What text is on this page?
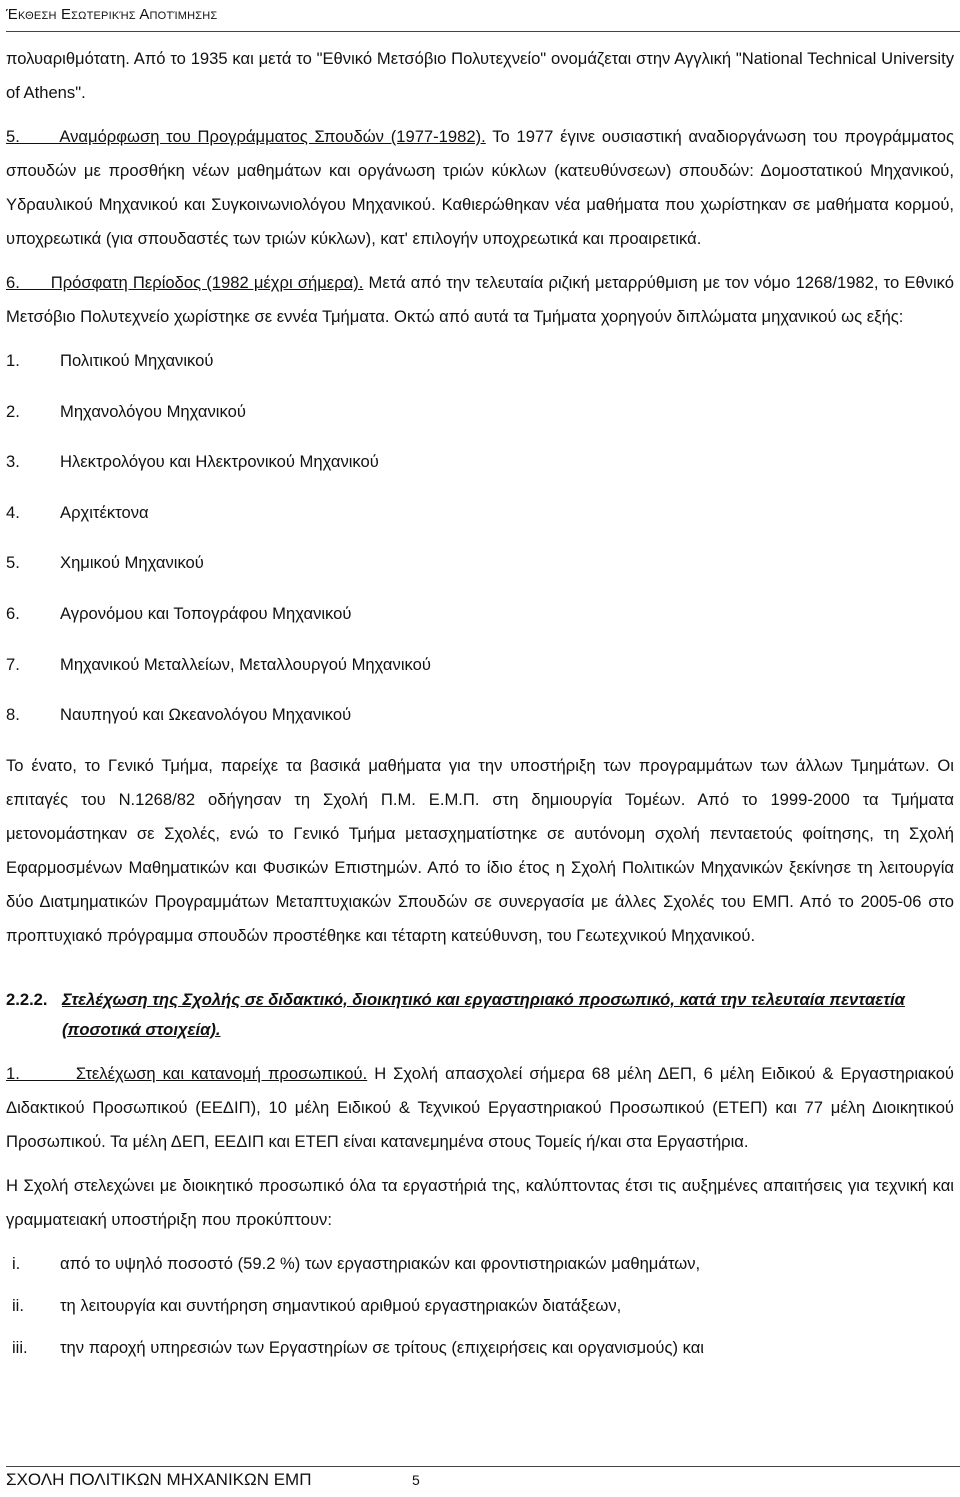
Έκθεση Εσωτερικής Αποτίμησης

πολυαριθμότατη. Από το 1935 και μετά το "Εθνικό Μετσόβιο Πολυτεχνείο" ονομάζεται στην Αγγλική "National Technical University of Athens".

5.      Αναμόρφωση του Προγράμματος Σπουδών (1977-1982). Το 1977 έγινε ουσιαστική αναδιοργάνωση του προγράμματος σπουδών με προσθήκη νέων μαθημάτων και οργάνωση τριών κύκλων (κατευθύνσεων) σπουδών: Δομοστατικού Μηχανικού, Υδραυλικού Μηχανικού και Συγκοινωνιολόγου Μηχανικού. Καθιερώθηκαν νέα μαθήματα που χωρίστηκαν σε μαθήματα κορμού, υποχρεωτικά (για σπουδαστές των τριών κύκλων), κατ' επιλογήν υποχρεωτικά και προαιρετικά.

6.      Πρόσφατη Περίοδος (1982 μέχρι σήμερα). Μετά από την τελευταία ριζική μεταρρύθμιση με τον νόμο 1268/1982, το Εθνικό Μετσόβιο Πολυτεχνείο χωρίστηκε σε εννέα Τμήματα. Οκτώ από αυτά τα Τμήματα χορηγούν διπλώματα μηχανικού ως εξής:

1.	Πολιτικού Μηχανικού
2.	Μηχανολόγου Μηχανικού
3.	Ηλεκτρολόγου και Ηλεκτρονικού Μηχανικού
4.	Αρχιτέκτονα
5.	Χημικού Μηχανικού
6.	Αγρονόμου και Τοπογράφου Μηχανικού
7.	Μηχανικού Μεταλλείων, Μεταλλουργού Μηχανικού
8.	Ναυπηγού και Ωκεανολόγου Μηχανικού

Το ένατο, το Γενικό Τμήμα, παρείχε τα βασικά μαθήματα για την υποστήριξη των προγραμμάτων των άλλων Τμημάτων. Οι επιταγές του Ν.1268/82 οδήγησαν τη Σχολή Π.Μ. Ε.Μ.Π. στη δημιουργία Τομέων. Από το 1999-2000 τα Τμήματα μετονομάστηκαν σε Σχολές, ενώ το Γενικό Τμήμα μετασχηματίστηκε σε αυτόνομη σχολή πενταετούς φοίτησης, τη Σχολή Εφαρμοσμένων Μαθηματικών και Φυσικών Επιστημών. Από το ίδιο έτος η Σχολή Πολιτικών Μηχανικών ξεκίνησε τη λειτουργία δύο Διατμηματικών Προγραμμάτων Μεταπτυχιακών Σπουδών σε συνεργασία με άλλες Σχολές του ΕΜΠ. Από το 2005-06 στο προπτυχιακό πρόγραμμα σπουδών προστέθηκε και τέταρτη κατεύθυνση, του Γεωτεχνικού Μηχανικού.

2.2.2. Στελέχωση της Σχολής σε διδακτικό, διοικητικό και εργαστηριακό προσωπικό, κατά την τελευταία πενταετία (ποσοτικά στοιχεία).

1.        Στελέχωση και κατανομή προσωπικού. Η Σχολή απασχολεί σήμερα 68 μέλη ΔΕΠ, 6 μέλη Ειδικού & Εργαστηριακού Διδακτικού Προσωπικού (ΕΕΔΙΠ), 10 μέλη Ειδικού & Τεχνικού Εργαστηριακού Προσωπικού (ΕΤΕΠ) και 77 μέλη Διοικητικού Προσωπικού. Τα μέλη ΔΕΠ, ΕΕΔΙΠ και ΕΤΕΠ είναι κατανεμημένα στους Τομείς ή/και στα Εργαστήρια.

Η Σχολή στελεχώνει με διοικητικό προσωπικό όλα τα εργαστήριά της, καλύπτοντας έτσι τις αυξημένες απαιτήσεις για τεχνική και γραμματειακή υποστήριξη που προκύπτουν:

i.	από το υψηλό ποσοστό (59.2 %) των εργαστηριακών και φροντιστηριακών μαθημάτων,
ii.	τη λειτουργία και συντήρηση σημαντικού αριθμού εργαστηριακών διατάξεων,
iii.	την παροχή υπηρεσιών των Εργαστηρίων σε τρίτους (επιχειρήσεις και οργανισμούς) και
ΣΧΟΛΗ ΠΟΛΙΤΙΚΩΝ ΜΗΧΑΝΙΚΩΝ ΕΜΠ	5
